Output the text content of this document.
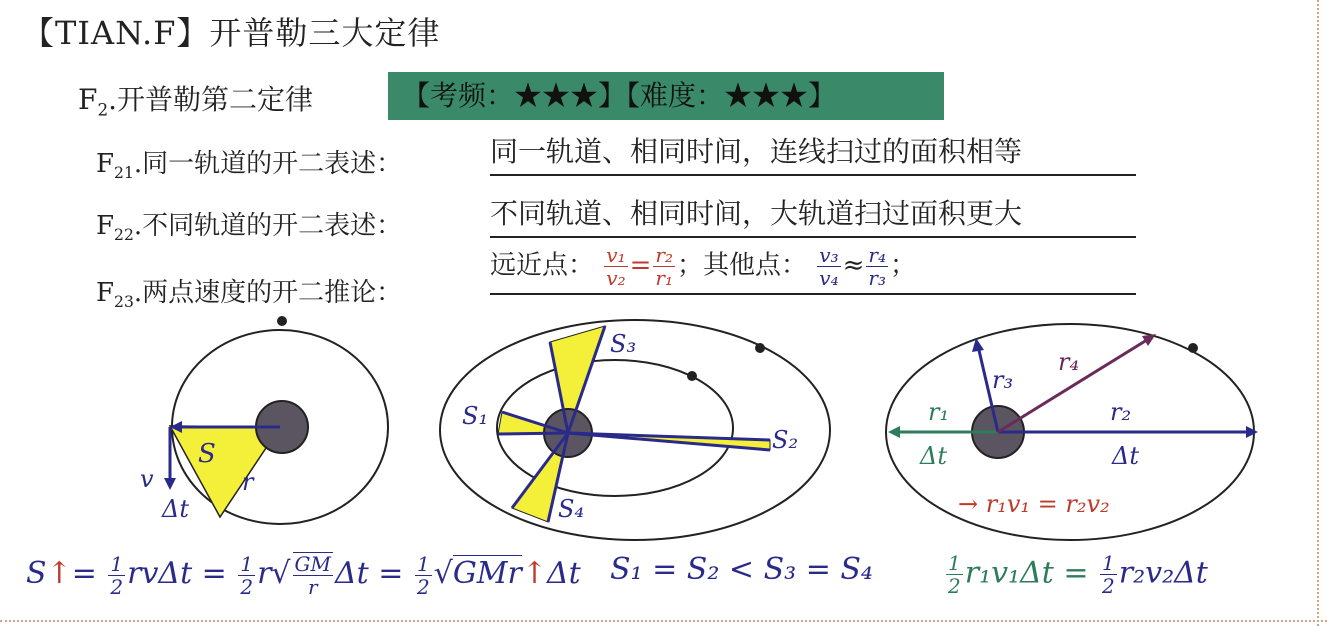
【TIAN.F】开普勒三大定律
$F_2$.开普勒第二定律	【考频：★★★】【难度：★★★】
$F_{21}$.同一轨道的开二表述：	同一轨道、相同时间，连线扫过的面积相等
$F_{22}$.不同轨道的开二表述：	不同轨道、相同时间，大轨道扫过面积更大
$F_{23}$.两点速度的开二推论：
远近点： $\frac{\text{v₁}}{\text{v₂}} = \frac{\text{r₂}}{\text{r₁}}$ ；其他点： $\frac{\text{v₃}}{\text{v₄}} \approx \frac{\text{r₄}}{\text{r₃}}$ ；
S
v
Δt
r
S₃
S₁
S₂
S₄
r₃
r₄
r₁	r₂
Δt	Δt
→ r₁v₁ = r₂v₂
S↑= $\frac{1}{2}$ $rv\Delta t = \frac{1}{2} r√ \frac{GM}{r}$ $\Delta t = \frac{1}{2}$ √GMr↑Δt S₁ = S₂ < S₃ = S₄	$\frac{1}{2} r_1v_1\Delta t = \frac{1}{2} r_2v_2\Delta t$
